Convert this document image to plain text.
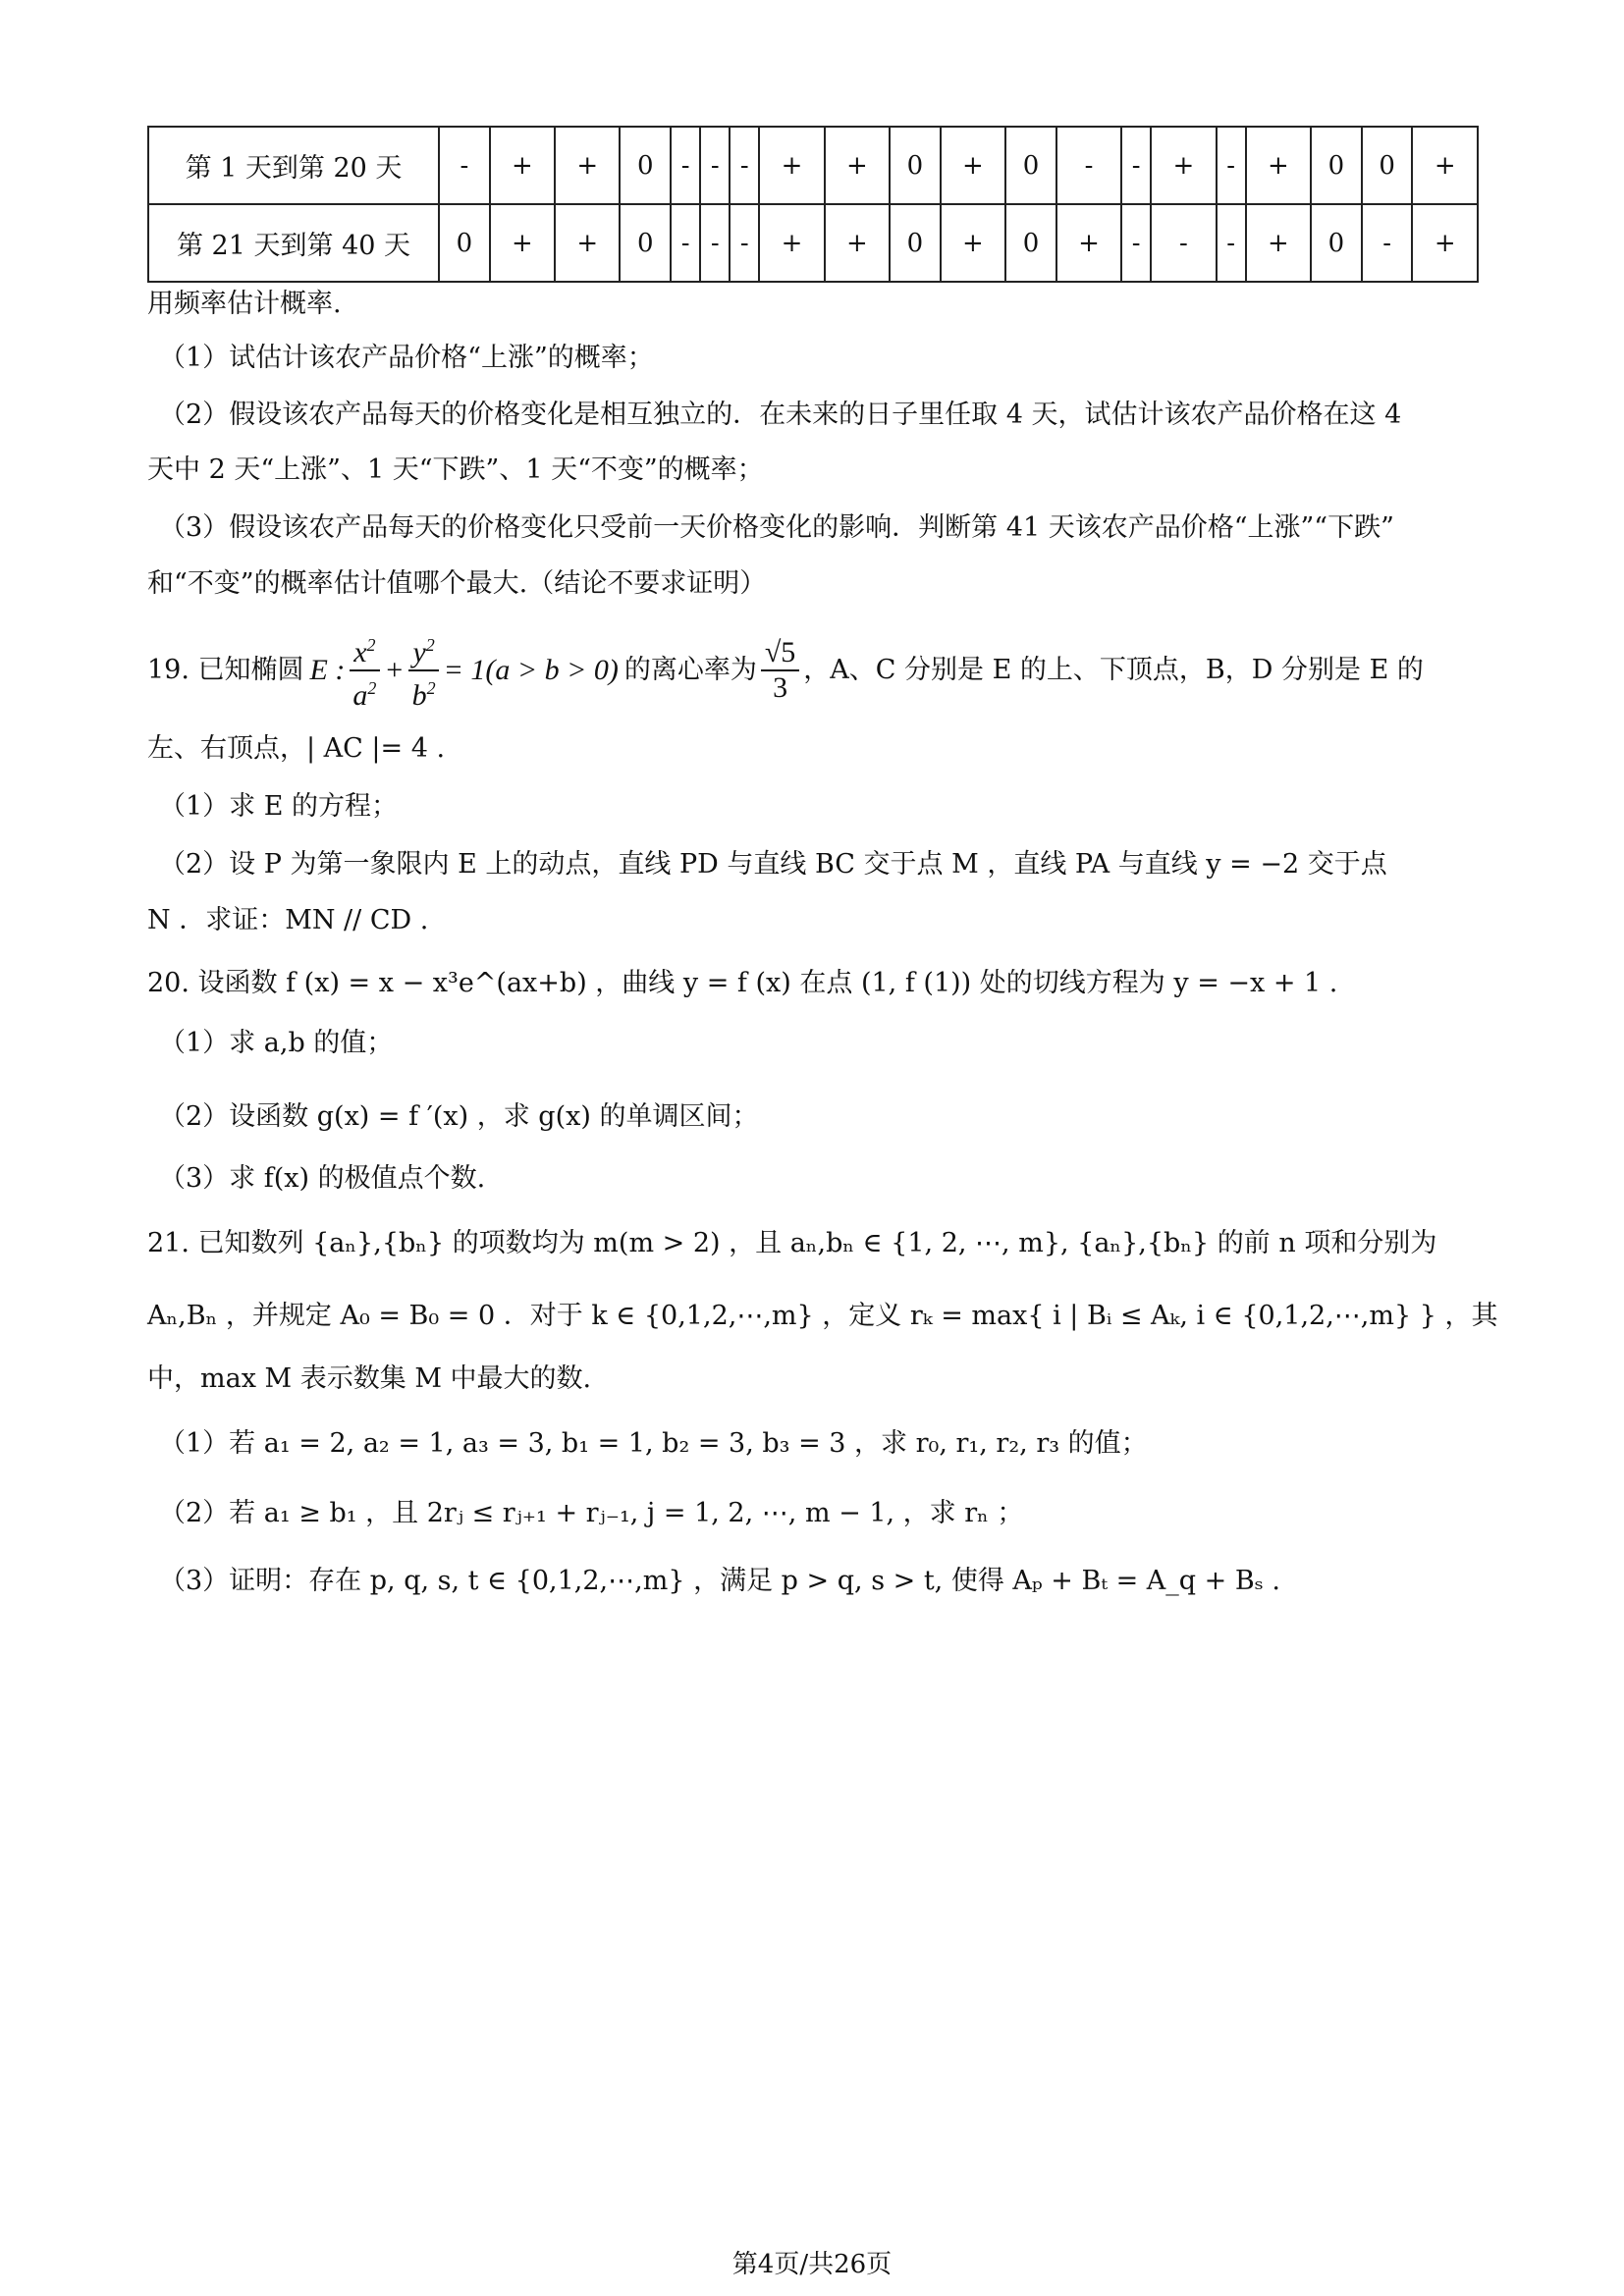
第 1 天到第 20 天	-	+	+	0	-	-	-	+	+	0	+	0	-	-	+	-	+	0	0	+
第 21 天到第 40 天	0	+	+	0	-	-	-	+	+	0	+	0	+	-	-	-	+	0	-	+
用频率估计概率.
（1）试估计该农产品价格“上涨”的概率；
（2）假设该农产品每天的价格变化是相互独立的．在未来的日子里任取 4 天，试估计该农产品价格在这 4
天中 2 天“上涨”、1 天“下跌”、1 天“不变”的概率；
（3）假设该农产品每天的价格变化只受前一天价格变化的影响．判断第 41 天该农产品价格“上涨”“下跌”
和“不变”的概率估计值哪个最大.（结论不要求证明）
19. 已知椭圆 E : $\frac{x^2}{a^2} + \frac{y^2}{b^2} = 1(a > b > 0)$ 的离心率为 $\frac{√5}{3}$ ，A、C 分别是 E 的上、下顶点，B，D 分别是 E 的
左、右顶点，| AC |= 4 .
（1）求 E 的方程；
（2）设 P 为第一象限内 E 上的动点，直线 PD 与直线 BC 交于点 M ，直线 PA 与直线 y = −2 交于点
N ．求证：MN // CD .
20. 设函数 f (x) = x − x³e^(ax+b) ，曲线 y = f (x) 在点 (1, f (1)) 处的切线方程为 y = −x + 1 .
（1）求 a,b 的值；
（2）设函数 g(x) = f ′(x) ，求 g(x) 的单调区间；
（3）求 f(x) 的极值点个数.
21. 已知数列 {aₙ},{bₙ} 的项数均为 m(m > 2) ，且 aₙ,bₙ ∈ {1, 2, ⋯, m}, {aₙ},{bₙ} 的前 n 项和分别为
Aₙ,Bₙ ，并规定 A₀ = B₀ = 0 ．对于 k ∈ {0,1,2,⋯,m} ，定义 rₖ = max{ i | Bᵢ ≤ Aₖ, i ∈ {0,1,2,⋯,m} } ，其
中，max M 表示数集 M 中最大的数.
（1）若 a₁ = 2, a₂ = 1, a₃ = 3, b₁ = 1, b₂ = 3, b₃ = 3 ，求 r₀, r₁, r₂, r₃ 的值；
（2）若 a₁ ≥ b₁ ，且 2rⱼ ≤ rⱼ₊₁ + rⱼ₋₁, j = 1, 2, ⋯, m − 1, ，求 rₙ ；
（3）证明：存在 p, q, s, t ∈ {0,1,2,⋯,m} ，满足 p > q, s > t, 使得 Aₚ + Bₜ = A_q + Bₛ .
第4页/共26页
